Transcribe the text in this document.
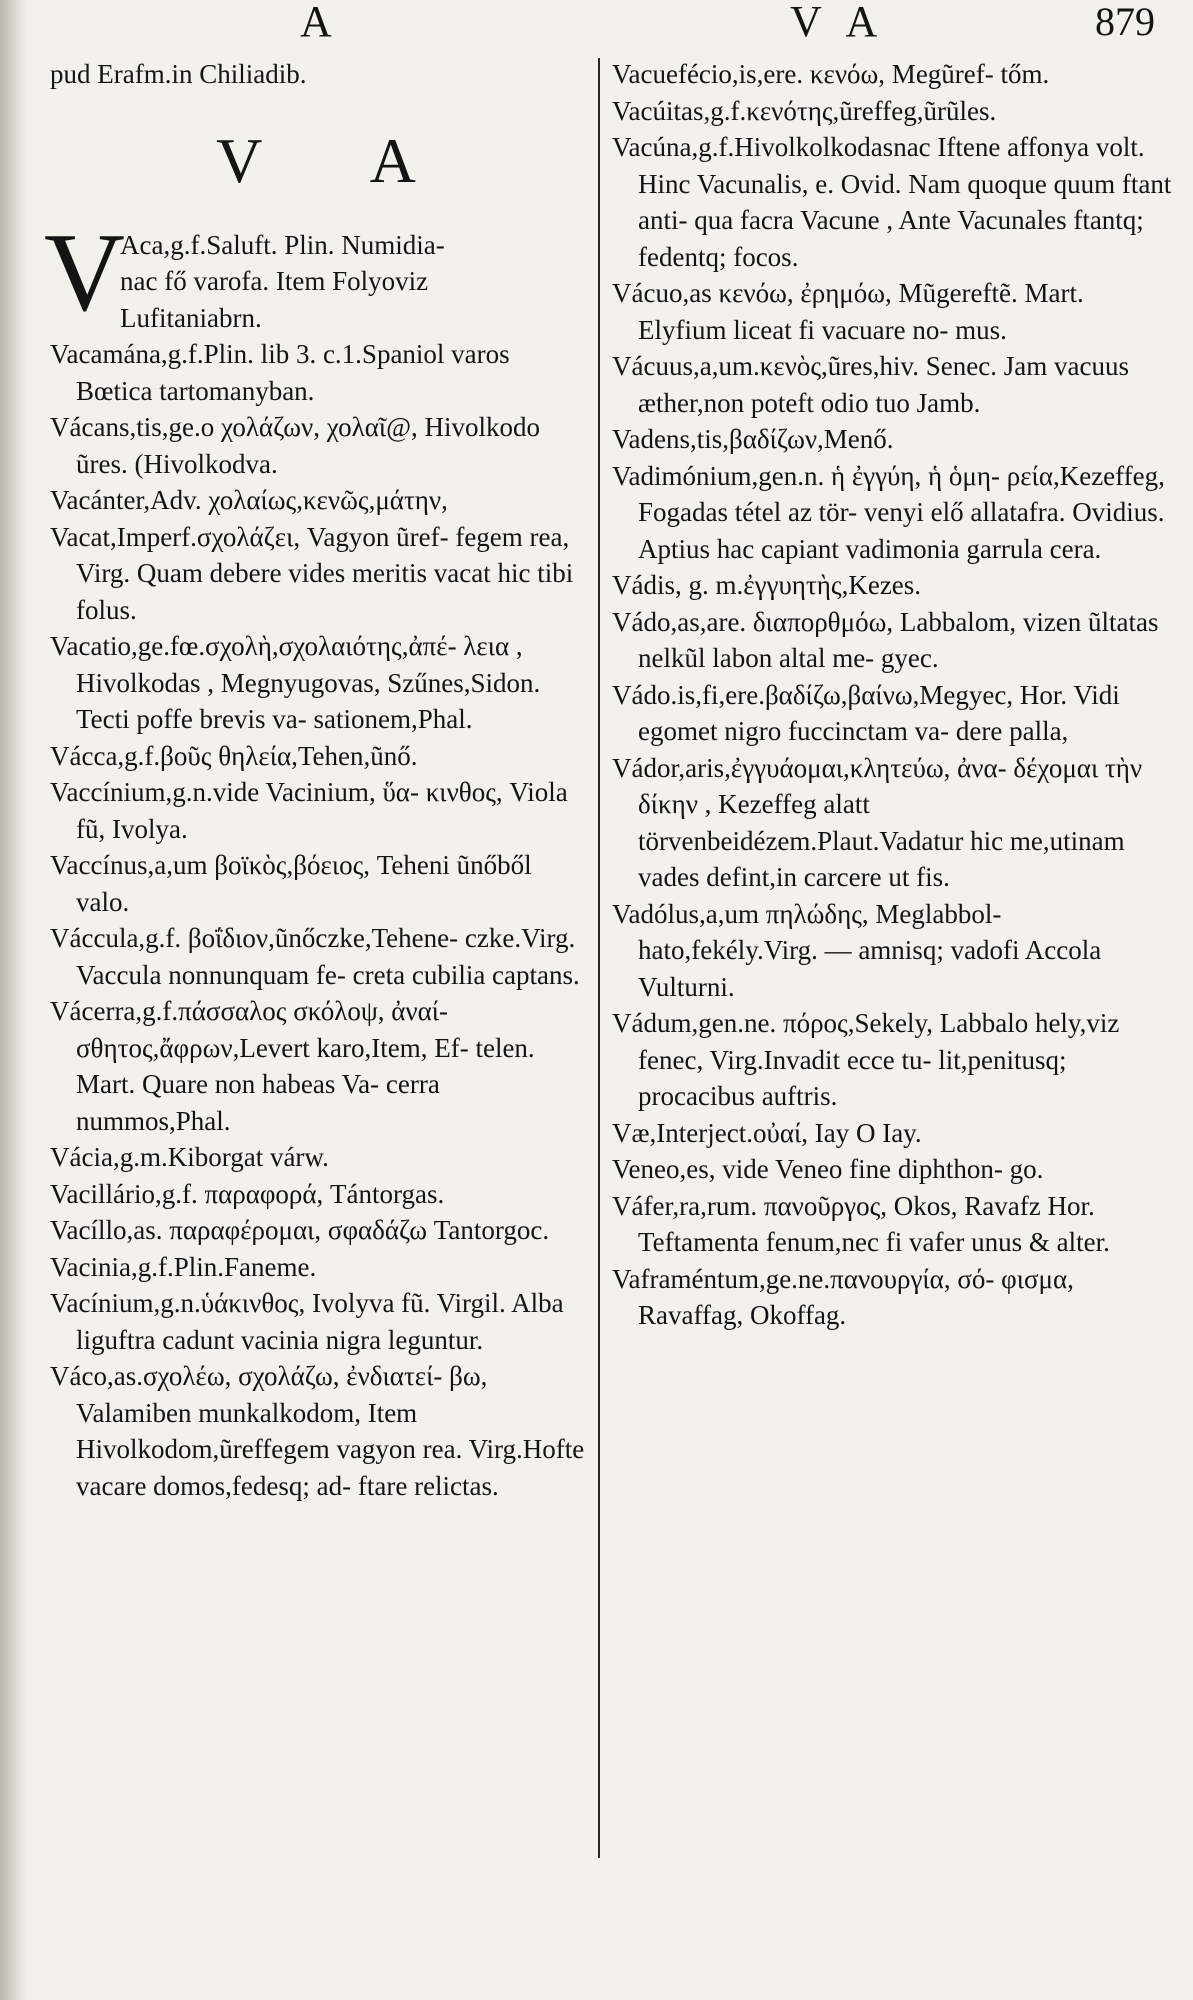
A	V A	879

pud Erafm.in Chiliadib.

V A
V
Aca,g.f.Saluft. Plin. Numidia-
nac fő varofa. Item Folyoviz
Lufitaniabrn.

Vacamána,g.f.Plin. lib 3. c.1.Spaniol varos Bœtica tartomanyban.

Vácans,tis,ge.o χολάζων, χολαῖ@, Hivolkodo ũres. (Hivolkodva.

Vacánter,Adv. χολαίως,κενῶς,μάτην,

Vacat,Imperf.σχολάζει, Vagyon ũref- fegem rea, Virg. Quam debere vides meritis vacat hic tibi folus.

Vacatio,ge.fœ.σχολὴ,σχολαιότης,ἀπέ- λεια , Hivolkodas , Megnyugovas, Szűnes,Sidon. Tecti poffe brevis va- sationem,Phal.

Vácca,g.f.βοῦς θηλεία,Tehen,ũnő.

Vaccínium,g.n.vide Vacinium, ὕα- κινθος, Viola fũ, Ivolya.

Vaccínus,a,um βοϊκὸς,βόειος, Teheni ũnőből valo.

Váccula,g.f. βοΐδιον,ũnőczke,Tehene- czke.Virg. Vaccula nonnunquam fe- creta cubilia captans.

Vácerra,g.f.πάσσαλος σκόλοψ, ἀναί- σθητος,ἄφρων,Levert karo,Item, Ef- telen. Mart. Quare non habeas Va- cerra nummos,Phal.

Vácia,g.m.Kiborgat várw.

Vacillário,g.f. παραφορά, Tántorgas.

Vacíllo,as. παραφέρομαι, σφαδάζω Tantorgoc.

Vacinia,g.f.Plin.Faneme.

Vacínium,g.n.ὑάκινθος, Ivolyva fũ. Virgil. Alba liguftra cadunt vacinia nigra leguntur.

Váco,as.σχολέω, σχολάζω, ἐνδιατεί- βω, Valamiben munkalkodom, Item Hivolkodom,ũreffegem vagyon rea. Virg.Hofte vacare domos,fedesq; ad- ftare relictas.

Vacuefécio,is,ere. κενόω, Megũref- tőm.

Vacúitas,g.f.κενότης,ũreffeg,ũrũles.

Vacúna,g.f.Hivolkolkodasnac Iftene affonya volt. Hinc Vacunalis, e. Ovid. Nam quoque quum ftant anti- qua facra Vacune , Ante Vacunales ftantq; fedentq; focos.

Vácuo,as κενόω, ἐρημόω, Mũgereftẽ. Mart. Elyfium liceat fi vacuare no- mus.

Vácuus,a,um.κενὸς,ũres,hiv. Senec. Jam vacuus æther,non poteft odio tuo Jamb.

Vadens,tis,βαδίζων,Menő.

Vadimónium,gen.n. ἡ ἐγγύη, ἡ ὁμη- ρεία,Kezeffeg, Fogadas tétel az tör- venyi elő allatafra. Ovidius. Aptius hac capiant vadimonia garrula cera.

Vádis, g. m.ἐγγυητὴς,Kezes.

Vádo,as,are. διαπορθμόω, Labbalom, vizen ũltatas nelkũl labon altal me- gyec.

Vádo.is,fi,ere.βαδίζω,βαίνω,Megyec, Hor. Vidi egomet nigro fuccinctam va- dere palla,

Vádor,aris,ἐγγυάομαι,κλητεύω, ἀνα- δέχομαι τὴν δίκην , Kezeffeg alatt törvenbeidézem.Plaut.Vadatur hic me,utinam vades defint,in carcere ut fis.

Vadólus,a,um πηλώδης, Meglabbol- hato,fekély.Virg. — amnisq; vadofi Accola Vulturni.

Vádum,gen.ne. πόρος,Sekely, Labbalo hely,viz fenec, Virg.Invadit ecce tu- lit,penitusq; procacibus auftris.

Væ,Interject.οὐαί, Iay O Iay.

Veneo,es, vide Veneo fine diphthon- go.

Váfer,ra,rum. πανοῦργος, Okos, Ravafz Hor. Teftamenta fenum,nec fi vafer unus & alter.

Vaframéntum,ge.ne.πανουργία, σό- φισμα, Ravaffag, Okoffag.
